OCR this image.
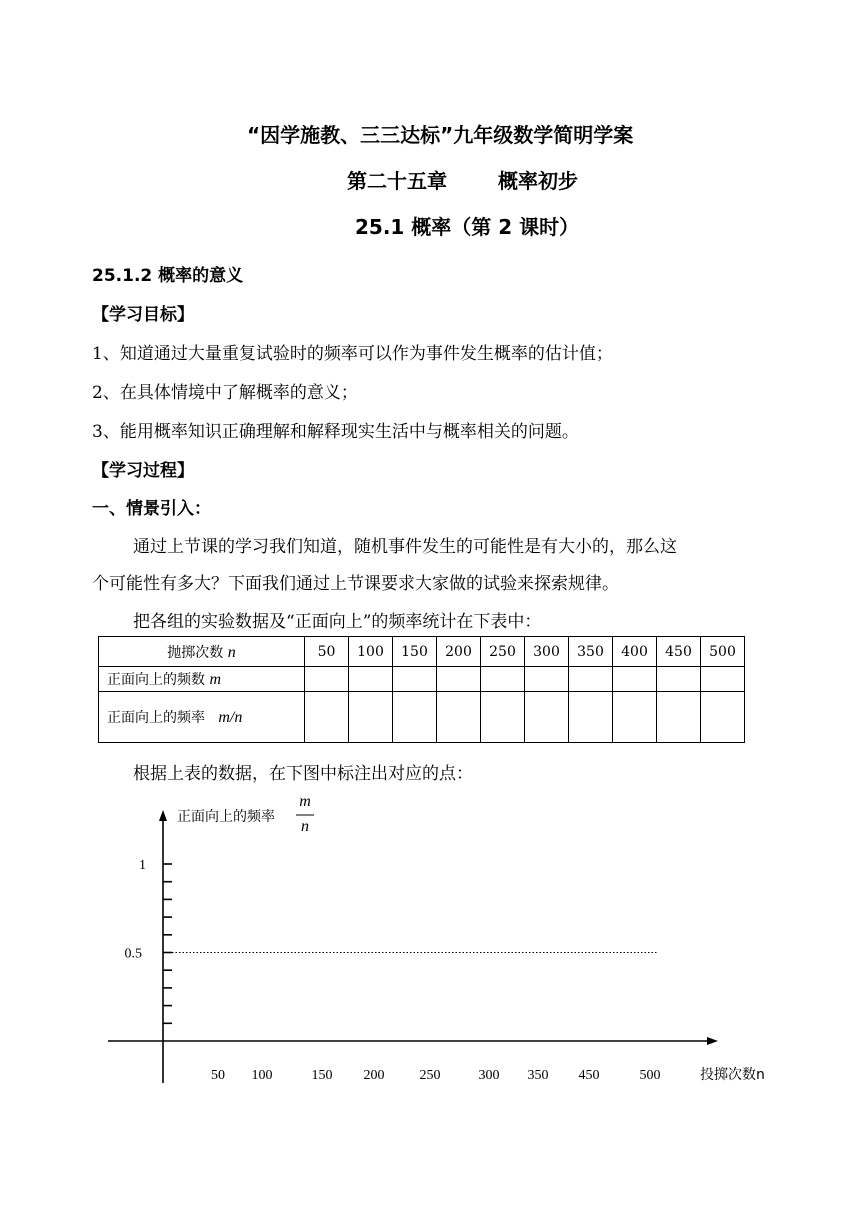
“因学施教、三三达标”九年级数学简明学案
第二十五章	概率初步
25.1 概率（第 2 课时）
25.1.2 概率的意义
【学习目标】
1、知道通过大量重复试验时的频率可以作为事件发生概率的估计值；
2、在具体情境中了解概率的意义；
3、能用概率知识正确理解和解释现实生活中与概率相关的问题。
【学习过程】
一、情景引入：
通过上节课的学习我们知道，随机事件发生的可能性是有大小的，那么这
个可能性有多大？下面我们通过上节课要求大家做的试验来探索规律。
把各组的实验数据及“正面向上”的频率统计在下表中：
抛掷次数 n	50	100	150	200	250	300	350	400	450	500
正面向上的频数 m										
正面向上的频率 m/n										
根据上表的数据，在下图中标注出对应的点：
1
0.5
50 100	150 200	250	300 350 450	500
正面向上的频率
m
n
投掷次数n
